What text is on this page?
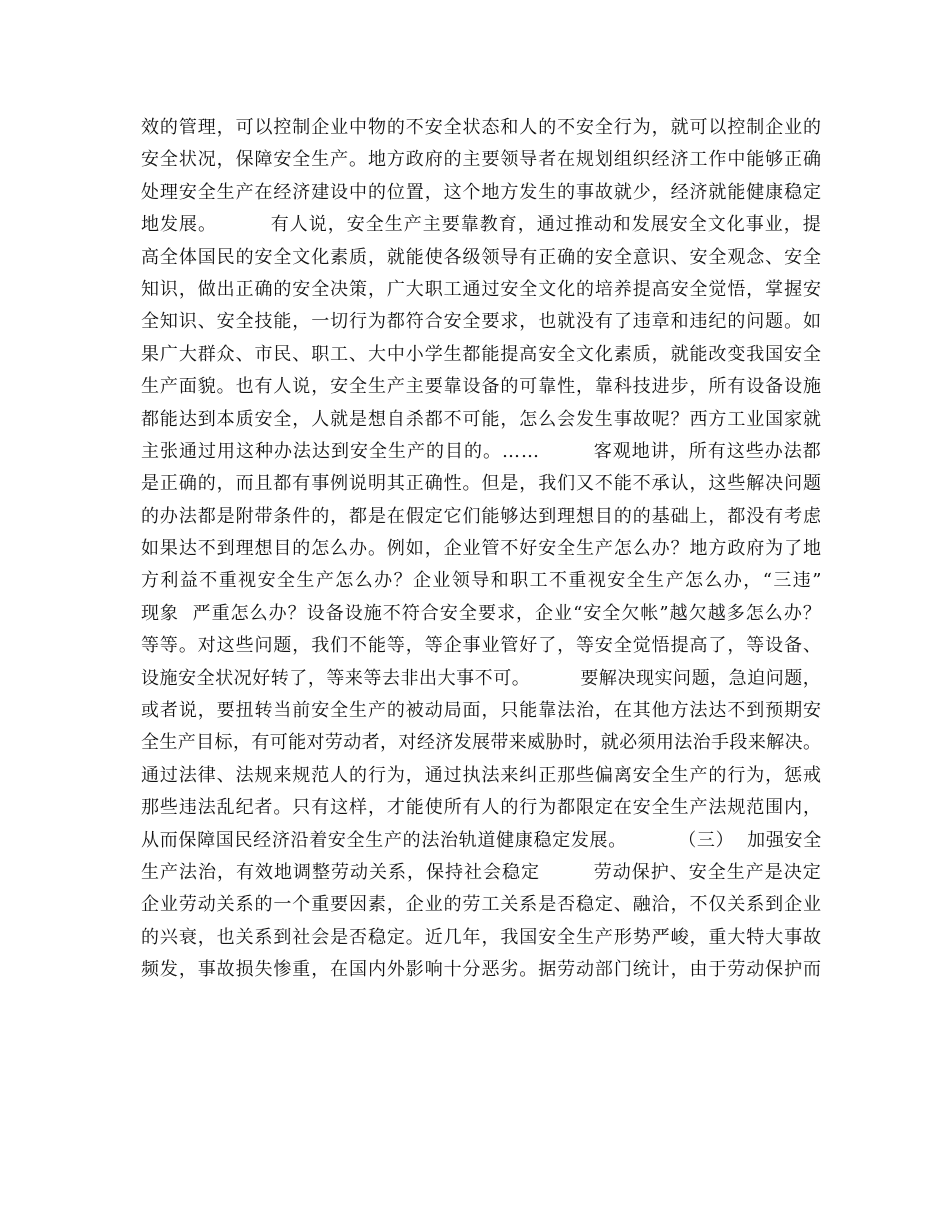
效的管理，可以控制企业中物的不安全状态和人的不安全行为，就可以控制企业的
安全状况，保障安全生产。地方政府的主要领导者在规划组织经济工作中能够正确
处理安全生产在经济建设中的位置，这个地方发生的事故就少，经济就能健康稳定
地发展。        有人说，安全生产主要靠教育，通过推动和发展安全文化事业，提
高全体国民的安全文化素质，就能使各级领导有正确的安全意识、安全观念、安全
知识，做出正确的安全决策，广大职工通过安全文化的培养提高安全觉悟，掌握安
全知识、安全技能，一切行为都符合安全要求，也就没有了违章和违纪的问题。如
果广大群众、市民、职工、大中小学生都能提高安全文化素质，就能改变我国安全
生产面貌。也有人说，安全生产主要靠设备的可靠性，靠科技进步，所有设备设施
都能达到本质安全，人就是想自杀都不可能，怎么会发生事故呢？西方工业国家就
主张通过用这种办法达到安全生产的目的。……        客观地讲，所有这些办法都
是正确的，而且都有事例说明其正确性。但是，我们又不能不承认，这些解决问题
的办法都是附带条件的，都是在假定它们能够达到理想目的的基础上，都没有考虑
如果达不到理想目的怎么办。例如，企业管不好安全生产怎么办？地方政府为了地
方利益不重视安全生产怎么办？企业领导和职工不重视安全生产怎么办，“三违”
现象  严重怎么办？设备设施不符合安全要求，企业“安全欠帐”越欠越多怎么办？
等等。对这些问题，我们不能等，等企事业管好了，等安全觉悟提高了，等设备、
设施安全状况好转了，等来等去非出大事不可。        要解决现实问题，急迫问题，
或者说，要扭转当前安全生产的被动局面，只能靠法治，在其他方法达不到预期安
全生产目标，有可能对劳动者，对经济发展带来威胁时，就必须用法治手段来解决。
通过法律、法规来规范人的行为，通过执法来纠正那些偏离安全生产的行为，惩戒
那些违法乱纪者。只有这样，才能使所有人的行为都限定在安全生产法规范围内，
从而保障国民经济沿着安全生产的法治轨道健康稳定发展。        （三）  加强安全
生产法治，有效地调整劳动关系，保持社会稳定        劳动保护、安全生产是决定
企业劳动关系的一个重要因素，企业的劳工关系是否稳定、融洽，不仅关系到企业
的兴衰，也关系到社会是否稳定。近几年，我国安全生产形势严峻，重大特大事故
频发，事故损失惨重，在国内外影响十分恶劣。据劳动部门统计，由于劳动保护而
